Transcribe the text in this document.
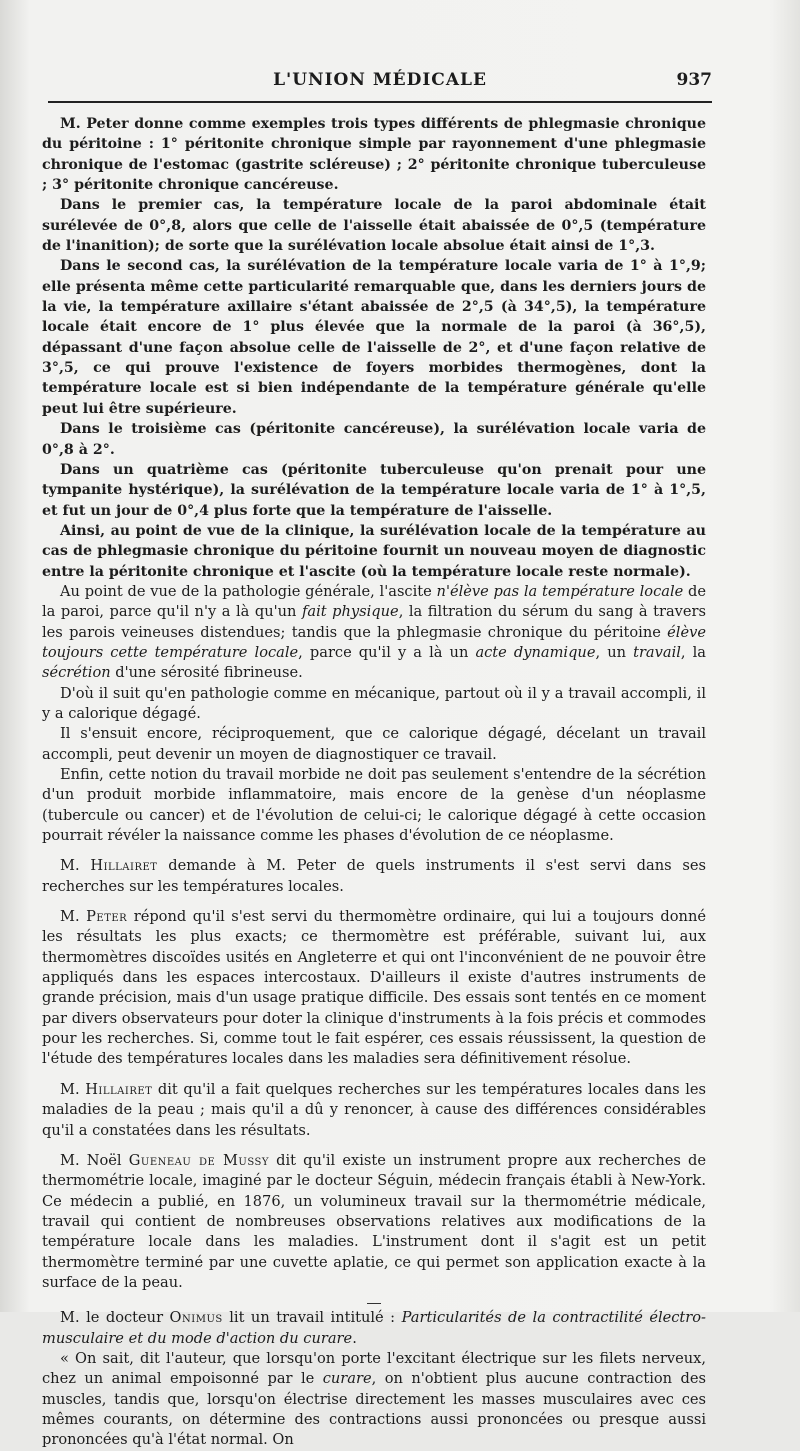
L'UNION MÉDICALE	937

M. Peter donne comme exemples trois types différents de phlegmasie chronique du péritoine : 1° péritonite chronique simple par rayonnement d'une phlegmasie chronique de l'estomac (gastrite scléreuse) ; 2° péritonite chronique tuberculeuse ; 3° péritonite chronique cancéreuse.

Dans le premier cas, la température locale de la paroi abdominale était surélevée de 0°,8, alors que celle de l'aisselle était abaissée de 0°,5 (température de l'inanition); de sorte que la surélévation locale absolue était ainsi de 1°,3.

Dans le second cas, la surélévation de la température locale varia de 1° à 1°,9; elle présenta même cette particularité remarquable que, dans les derniers jours de la vie, la température axillaire s'étant abaissée de 2°,5 (à 34°,5), la température locale était encore de 1° plus élevée que la normale de la paroi (à 36°,5), dépassant d'une façon absolue celle de l'aisselle de 2°, et d'une façon relative de 3°,5, ce qui prouve l'existence de foyers morbides thermogènes, dont la température locale est si bien indépendante de la température générale qu'elle peut lui être supérieure.

Dans le troisième cas (péritonite cancéreuse), la surélévation locale varia de 0°,8 à 2°.

Dans un quatrième cas (péritonite tuberculeuse qu'on prenait pour une tympanite hystérique), la surélévation de la température locale varia de 1° à 1°,5, et fut un jour de 0°,4 plus forte que la température de l'aisselle.

Ainsi, au point de vue de la clinique, la surélévation locale de la température au cas de phlegmasie chronique du péritoine fournit un nouveau moyen de diagnostic entre la péritonite chronique et l'ascite (où la température locale reste normale).

Au point de vue de la pathologie générale, l'ascite n'élève pas la température locale de la paroi, parce qu'il n'y a là qu'un fait physique, la filtration du sérum du sang à travers les parois veineuses distendues; tandis que la phlegmasie chronique du péritoine élève toujours cette température locale, parce qu'il y a là un acte dynamique, un travail, la sécrétion d'une sérosité fibrineuse.

D'où il suit qu'en pathologie comme en mécanique, partout où il y a travail accompli, il y a calorique dégagé.

Il s'ensuit encore, réciproquement, que ce calorique dégagé, décelant un travail accompli, peut devenir un moyen de diagnostiquer ce travail.

Enfin, cette notion du travail morbide ne doit pas seulement s'entendre de la sécrétion d'un produit morbide inflammatoire, mais encore de la genèse d'un néoplasme (tubercule ou cancer) et de l'évolution de celui-ci; le calorique dégagé à cette occasion pourrait révéler la naissance comme les phases d'évolution de ce néoplasme.

M. Hillairet demande à M. Peter de quels instruments il s'est servi dans ses recherches sur les températures locales.

M. Peter répond qu'il s'est servi du thermomètre ordinaire, qui lui a toujours donné les résultats les plus exacts; ce thermomètre est préférable, suivant lui, aux thermomètres discoïdes usités en Angleterre et qui ont l'inconvénient de ne pouvoir être appliqués dans les espaces intercostaux. D'ailleurs il existe d'autres instruments de grande précision, mais d'un usage pratique difficile. Des essais sont tentés en ce moment par divers observateurs pour doter la clinique d'instruments à la fois précis et commodes pour les recherches. Si, comme tout le fait espérer, ces essais réussissent, la question de l'étude des températures locales dans les maladies sera définitivement résolue.

M. Hillairet dit qu'il a fait quelques recherches sur les températures locales dans les maladies de la peau ; mais qu'il a dû y renoncer, à cause des différences considérables qu'il a constatées dans les résultats.

M. Noël Gueneau de Mussy dit qu'il existe un instrument propre aux recherches de thermométrie locale, imaginé par le docteur Séguin, médecin français établi à New-York. Ce médecin a publié, en 1876, un volumineux travail sur la thermométrie médicale, travail qui contient de nombreuses observations relatives aux modifications de la température locale dans les maladies. L'instrument dont il s'agit est un petit thermomètre terminé par une cuvette aplatie, ce qui permet son application exacte à la surface de la peau.

M. le docteur Onimus lit un travail intitulé : Particularités de la contractilité électro-musculaire et du mode d'action du curare.

« On sait, dit l'auteur, que lorsqu'on porte l'excitant électrique sur les filets nerveux, chez un animal empoisonné par le curare, on n'obtient plus aucune contraction des muscles, tandis que, lorsqu'on électrise directement les masses musculaires avec ces mêmes courants, on détermine des contractions aussi prononcées ou presque aussi prononcées qu'à l'état normal. On
